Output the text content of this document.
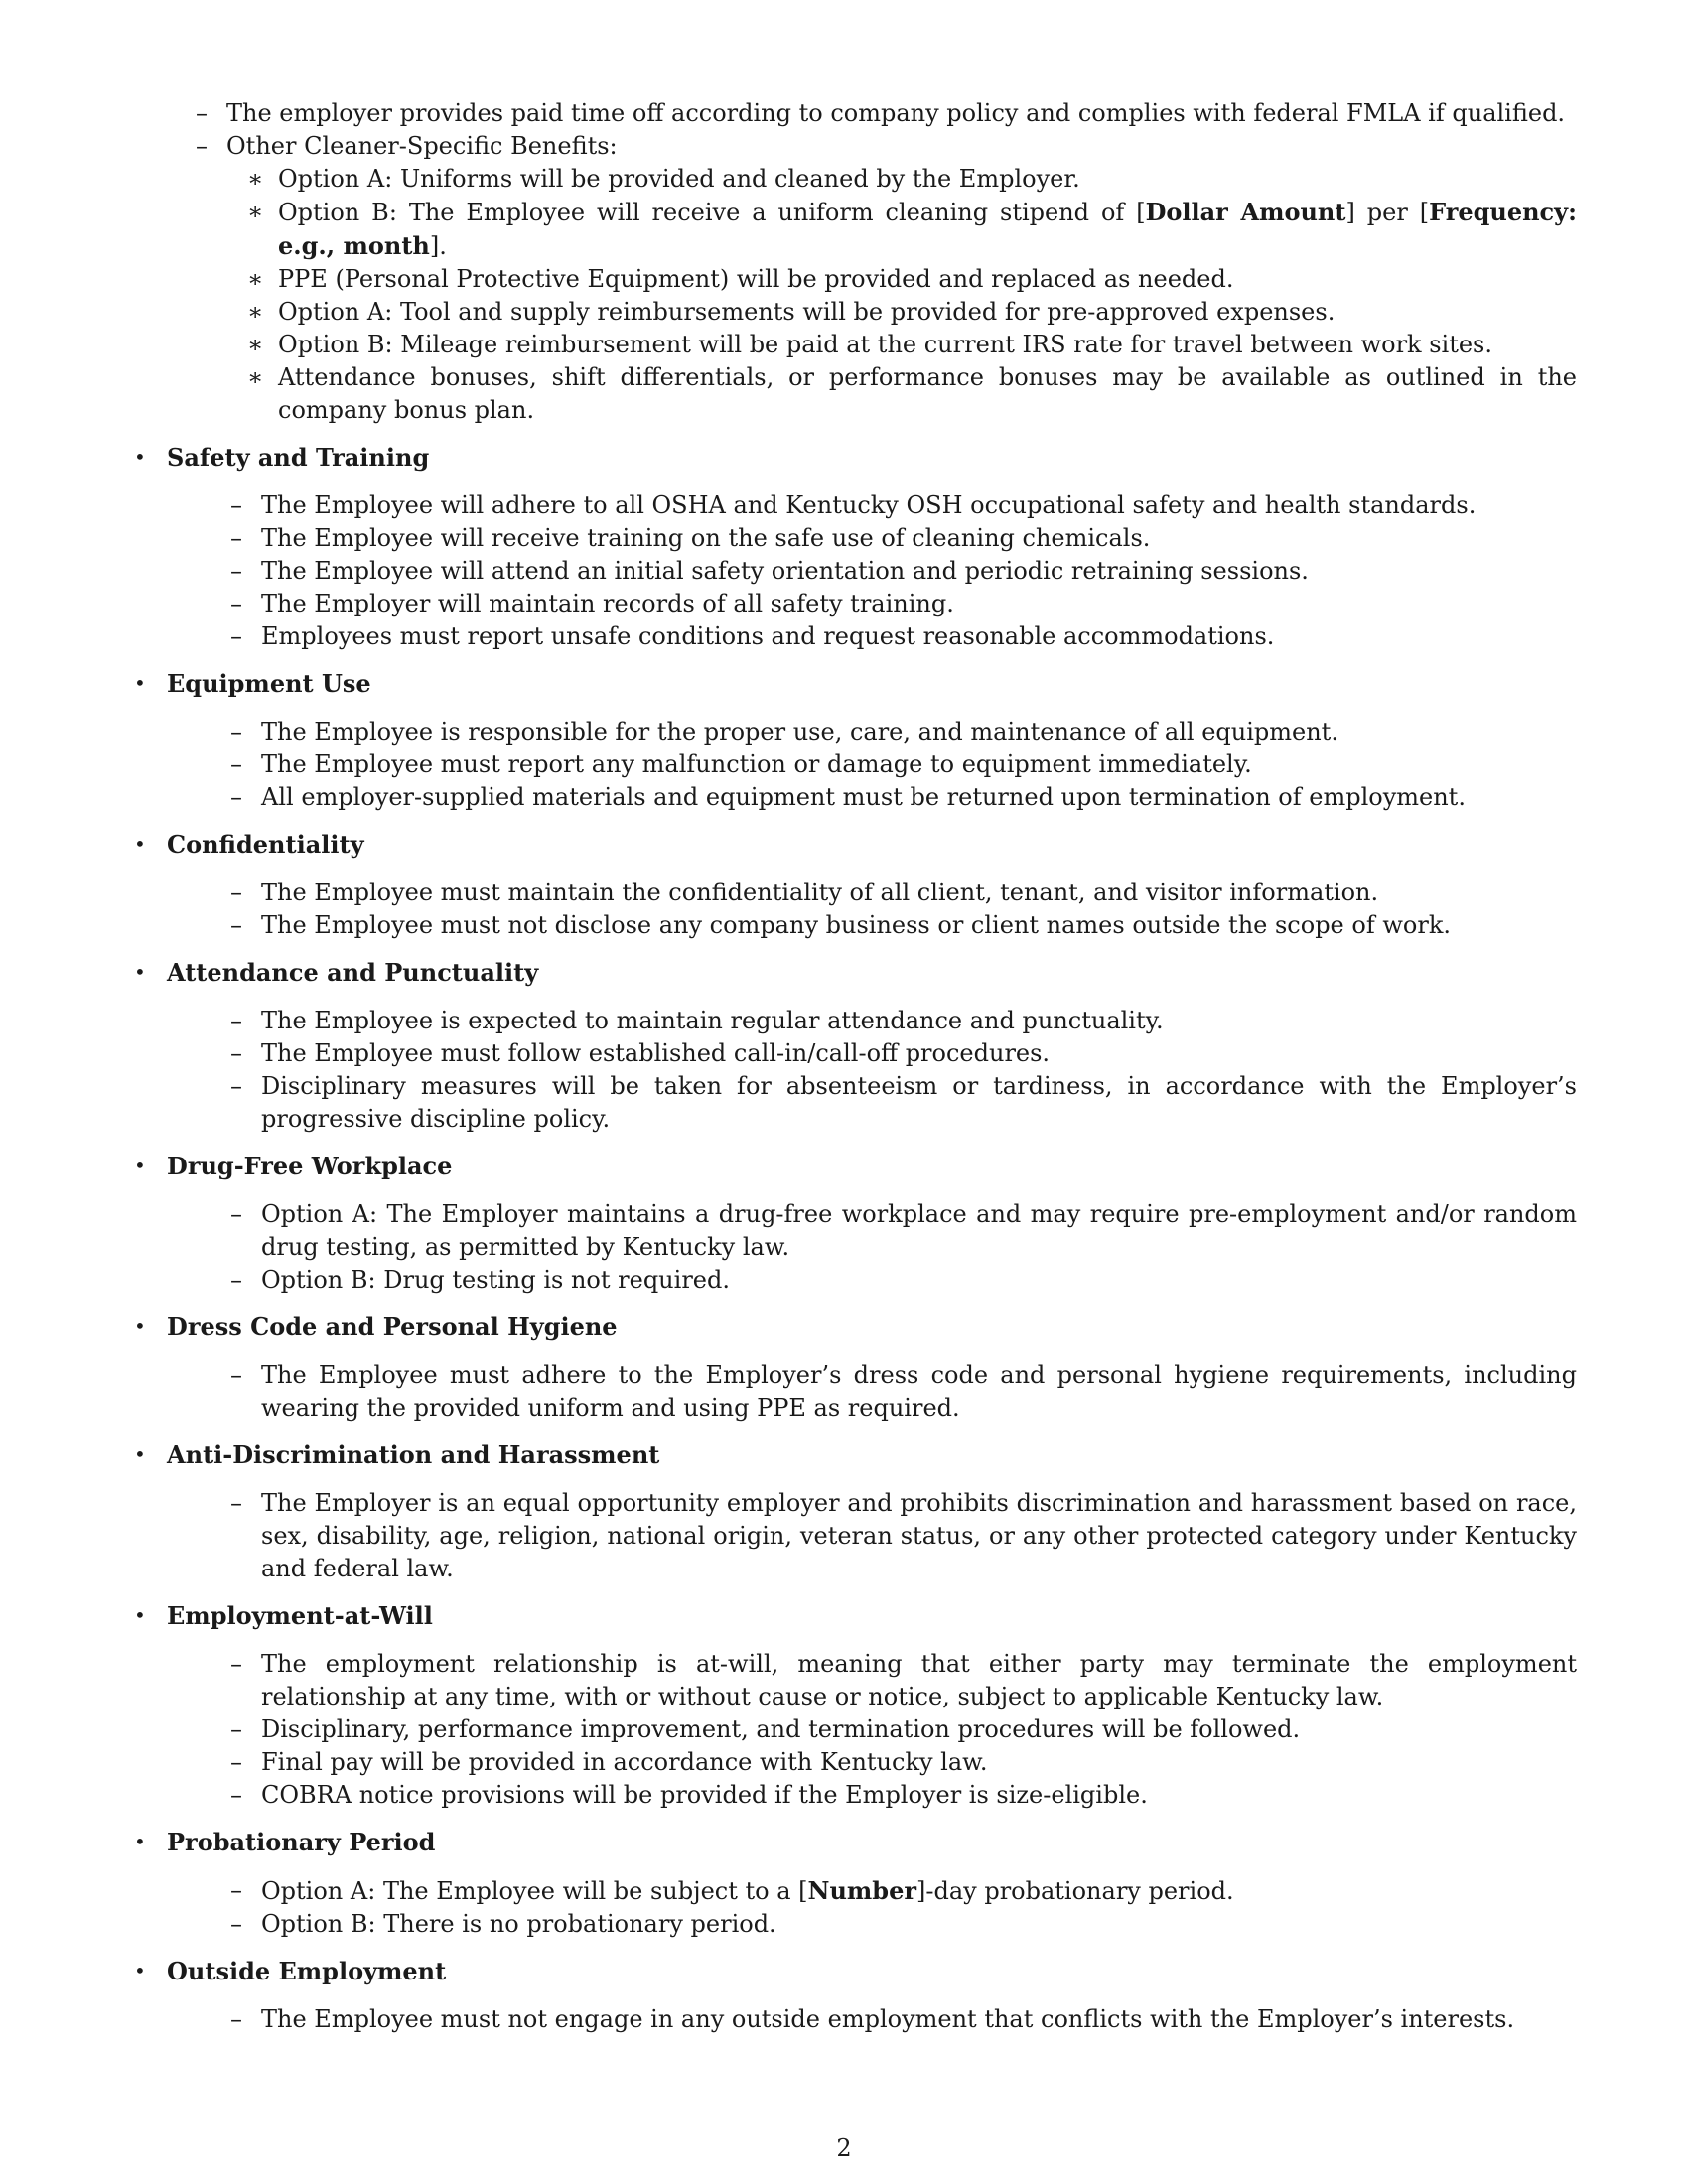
– The employer provides paid time off according to company policy and complies with federal FMLA if qualified.
– Other Cleaner-Specific Benefits:
∗ Option A: Uniforms will be provided and cleaned by the Employer.
∗ Option B: The Employee will receive a uniform cleaning stipend of [Dollar Amount] per [Frequency: e.g., month].
∗ PPE (Personal Protective Equipment) will be provided and replaced as needed.
∗ Option A: Tool and supply reimbursements will be provided for pre-approved expenses.
∗ Option B: Mileage reimbursement will be paid at the current IRS rate for travel between work sites.
∗ Attendance bonuses, shift differentials, or performance bonuses may be available as outlined in the company bonus plan.
• Safety and Training
– The Employee will adhere to all OSHA and Kentucky OSH occupational safety and health standards.
– The Employee will receive training on the safe use of cleaning chemicals.
– The Employee will attend an initial safety orientation and periodic retraining sessions.
– The Employer will maintain records of all safety training.
– Employees must report unsafe conditions and request reasonable accommodations.
• Equipment Use
– The Employee is responsible for the proper use, care, and maintenance of all equipment.
– The Employee must report any malfunction or damage to equipment immediately.
– All employer-supplied materials and equipment must be returned upon termination of employment.
• Confidentiality
– The Employee must maintain the confidentiality of all client, tenant, and visitor information.
– The Employee must not disclose any company business or client names outside the scope of work.
• Attendance and Punctuality
– The Employee is expected to maintain regular attendance and punctuality.
– The Employee must follow established call-in/call-off procedures.
– Disciplinary measures will be taken for absenteeism or tardiness, in accordance with the Employer’s progressive discipline policy.
• Drug-Free Workplace
– Option A: The Employer maintains a drug-free workplace and may require pre-employment and/or random drug testing, as permitted by Kentucky law.
– Option B: Drug testing is not required.
• Dress Code and Personal Hygiene
– The Employee must adhere to the Employer’s dress code and personal hygiene requirements, including wearing the provided uniform and using PPE as required.
• Anti-Discrimination and Harassment
– The Employer is an equal opportunity employer and prohibits discrimination and harassment based on race, sex, disability, age, religion, national origin, veteran status, or any other protected category under Kentucky and federal law.
• Employment-at-Will
– The employment relationship is at-will, meaning that either party may terminate the employment relationship at any time, with or without cause or notice, subject to applicable Kentucky law.
– Disciplinary, performance improvement, and termination procedures will be followed.
– Final pay will be provided in accordance with Kentucky law.
– COBRA notice provisions will be provided if the Employer is size-eligible.
• Probationary Period
– Option A: The Employee will be subject to a [Number]-day probationary period.
– Option B: There is no probationary period.
• Outside Employment
– The Employee must not engage in any outside employment that conflicts with the Employer’s interests.
2
